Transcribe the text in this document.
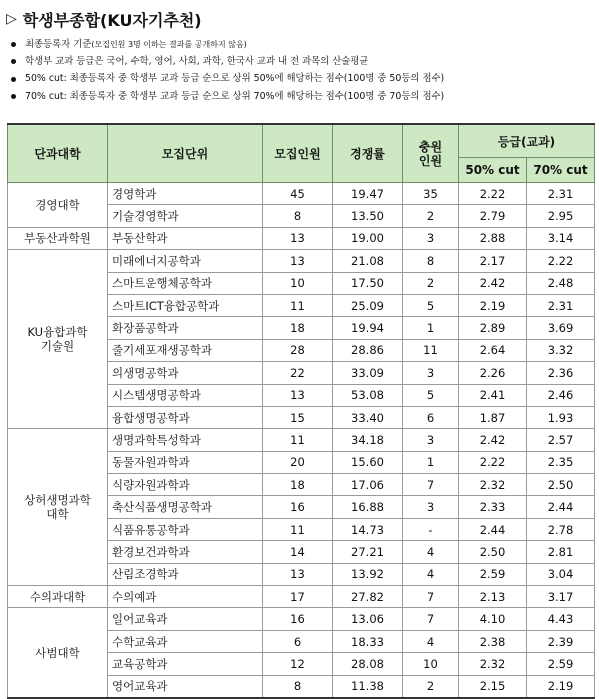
▷ 학생부종합(KU자기추천)
최종등록자 기준 (모집인원 3명 이하는 결과를 공개하지 않음)
학생부 교과 등급은 국어, 수학, 영어, 사회, 과학, 한국사 교과 내 전 과목의 산술평균
50% cut: 최종등록자 중 학생부 교과 등급 순으로 상위 50%에 해당하는 점수(100명 중 50등의 점수)
70% cut: 최종등록자 중 학생부 교과 등급 순으로 상위 70%에 해당하는 점수(100명 중 70등의 점수)
단과대학	모집단위	모집인원	경쟁률	충원
인원	등급(교과)	
					50% cut	70% cut
경영대학	경영학과	45	19.47	35	2.22	2.31
	기술경영학과	8	13.50	2	2.79	2.95
부동산과학원	부동산학과	13	19.00	3	2.88	3.14
KU융합과학
기술원	미래에너지공학과	13	21.08	8	2.17	2.22
	스마트운행체공학과	10	17.50	2	2.42	2.48
	스마트ICT융합공학과	11	25.09	5	2.19	2.31
	화장품공학과	18	19.94	1	2.89	3.69
	줄기세포재생공학과	28	28.86	11	2.64	3.32
	의생명공학과	22	33.09	3	2.26	2.36
	시스템생명공학과	13	53.08	5	2.41	2.46
	융합생명공학과	15	33.40	6	1.87	1.93
상허생명과학
대학	생명과학특성학과	11	34.18	3	2.42	2.57
	동물자원과학과	20	15.60	1	2.22	2.35
	식량자원과학과	18	17.06	7	2.32	2.50
	축산식품생명공학과	16	16.88	3	2.33	2.44
	식품유통공학과	11	14.73	-	2.44	2.78
	환경보건과학과	14	27.21	4	2.50	2.81
	산림조경학과	13	13.92	4	2.59	3.04
수의과대학	수의예과	17	27.82	7	2.13	3.17
사범대학	일어교육과	16	13.06	7	4.10	4.43
	수학교육과	6	18.33	4	2.38	2.39
	교육공학과	12	28.08	10	2.32	2.59
	영어교육과	8	11.38	2	2.15	2.19
